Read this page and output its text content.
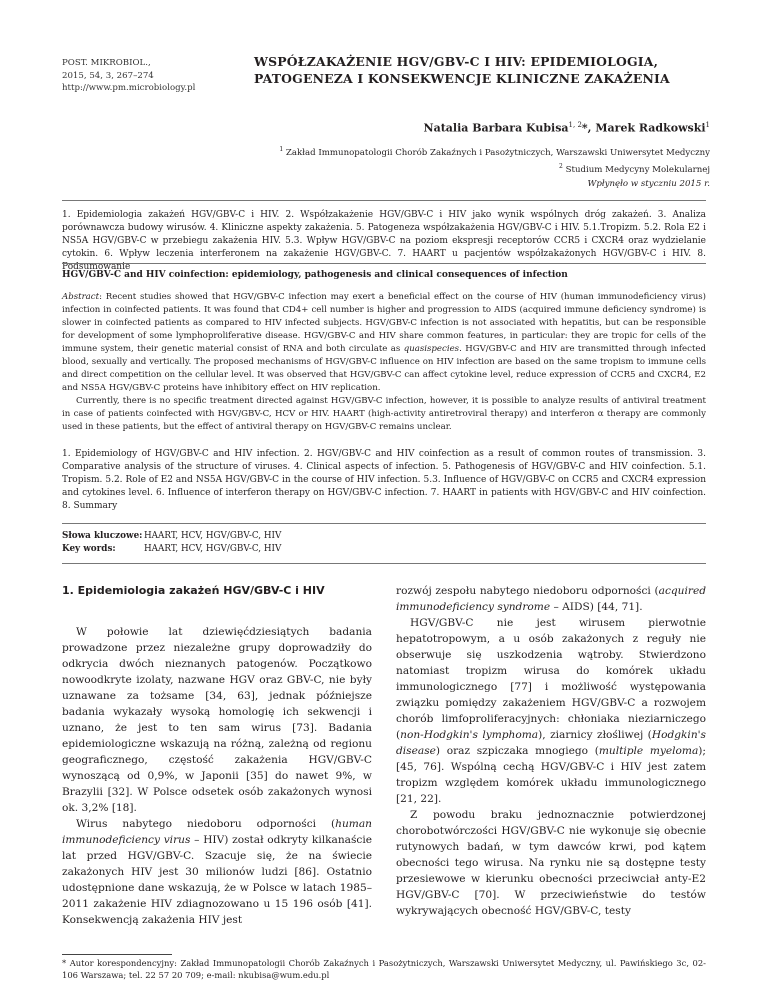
POST. MIKROBIOL.,
2015, 54, 3, 267–274
http://www.pm.microbiology.pl
WSPÓŁZAKAŻENIE HGV/GBV-C I HIV: EPIDEMIOLOGIA,
PATOGENEZA I KONSEKWENCJE KLINICZNE ZAKAŻENIA
Natalia Barbara Kubisa$^{1, 2}$*, Marek Radkowski$^1$
$^1$ Zakład Immunopatologii Chorób Zakaźnych i Pasożytniczych, Warszawski Uniwersytet Medyczny
$^2$ Studium Medycyny Molekularnej
Wpłynęło w styczniu 2015 r.
1. Epidemiologia zakażeń HGV/GBV-C i HIV. 2. Współzakażenie HGV/GBV-C i HIV jako wynik wspólnych dróg zakażeń. 3. Analiza porównawcza budowy wirusów. 4. Kliniczne aspekty zakażenia. 5. Patogeneza współzakażenia HGV/GBV-C i HIV. 5.1.Tropizm. 5.2. Rola E2 i NS5A HGV/GBV-C w przebiegu zakażenia HIV. 5.3. Wpływ HGV/GBV-C na poziom ekspresji receptorów CCR5 i CXCR4 oraz wydzielanie cytokin. 6. Wpływ leczenia interferonem na zakażenie HGV/GBV-C. 7. HAART u pacjentów współzakażonych HGV/GBV-C i HIV. 8. Podsumowanie
HGV/GBV-C and HIV coinfection: epidemiology, pathogenesis and clinical consequences of infection

Abstract: Recent studies showed that HGV/GBV-C infection may exert a beneficial effect on the course of HIV (human immunodeficiency virus) infection in coinfected patients. It was found that CD4+ cell number is higher and progression to AIDS (acquired immune deficiency syndrome) is slower in coinfected patients as compared to HIV infected subjects. HGV/GBV-C infection is not associated with hepatitis, but can be responsible for development of some lymphoproliferative disease. HGV/GBV-C and HIV share common features, in particular: they are tropic for cells of the immune system, their genetic material consist of RNA and both circulate as quasispecies. HGV/GBV-C and HIV are transmitted through infected blood, sexually and vertically. The proposed mechanisms of HGV/GBV-C influence on HIV infection are based on the same tropism to immune cells and direct competition on the cellular level. It was observed that HGV/GBV-C can affect cytokine level, reduce expression of CCR5 and CXCR4, E2 and NS5A HGV/GBV-C proteins have inhibitory effect on HIV replication.

Currently, there is no specific treatment directed against HGV/GBV-C infection, however, it is possible to analyze results of antiviral treatment in case of patients coinfected with HGV/GBV-C, HCV or HIV. HAART (high-activity antiretroviral therapy) and interferon α therapy are commonly used in these patients, but the effect of antiviral therapy on HGV/GBV-C remains unclear.

1. Epidemiology of HGV/GBV-C and HIV infection. 2. HGV/GBV-C and HIV coinfection as a result of common routes of transmission. 3. Comparative analysis of the structure of viruses. 4. Clinical aspects of infection. 5. Pathogenesis of HGV/GBV-C and HIV coinfection. 5.1. Tropism. 5.2. Role of E2 and NS5A HGV/GBV-C in the course of HIV infection. 5.3. Influence of HGV/GBV-C on CCR5 and CXCR4 expression and cytokines level. 6. Influence of interferon therapy on HGV/GBV-C infection. 7. HAART in patients with HGV/GBV-C and HIV coinfection. 8. Summary
Słowa kluczowe: HAART, HCV, HGV/GBV-C, HIV
Key words:	HAART, HCV, HGV/GBV-C, HIV
1. Epidemiologia zakażeń HGV/GBV-C i HIV

W połowie lat dziewięćdziesiątych badania prowadzone przez niezależne grupy doprowadziły do odkrycia dwóch nieznanych patogenów. Początkowo nowoodkryte izolaty, nazwane HGV oraz GBV-C, nie były uznawane za tożsame [34, 63], jednak późniejsze badania wykazały wysoką homologię ich sekwencji i uznano, że jest to ten sam wirus [73]. Badania epidemiologiczne wskazują na różną, zależną od regionu geograficznego, częstość zakażenia HGV/GBV-C wynoszącą od 0,9%, w Japonii [35] do nawet 9%, w Brazylii [32]. W Polsce odsetek osób zakażonych wynosi ok. 3,2% [18].

Wirus nabytego niedoboru odporności (human immunodeficiency virus – HIV) został odkryty kilkanaście lat przed HGV/GBV-C. Szacuje się, że na świecie zakażonych HIV jest 30 milionów ludzi [86]. Ostatnio udostępnione dane wskazują, że w Polsce w latach 1985–2011 zakażenie HIV zdiagnozowano u 15 196 osób [41]. Konsekwencją zakażenia HIV jest

rozwój zespołu nabytego niedoboru odporności (acquired immunodeficiency syndrome – AIDS) [44, 71].

HGV/GBV-C nie jest wirusem pierwotnie hepatotropowym, a u osób zakażonych z reguły nie obserwuje się uszkodzenia wątroby. Stwierdzono natomiast tropizm wirusa do komórek układu immunologicznego [77] i możliwość występowania związku pomiędzy zakażeniem HGV/GBV-C a rozwojem chorób limfoproliferacyjnych: chłoniaka nieziarniczego (non-Hodgkin's lymphoma), ziarnicy złośliwej (Hodgkin's disease) oraz szpiczaka mnogiego (multiple myeloma); [45, 76]. Wspólną cechą HGV/GBV-C i HIV jest zatem tropizm względem komórek układu immunologicznego [21, 22].

Z powodu braku jednoznacznie potwierdzonej chorobotwórczości HGV/GBV-C nie wykonuje się obecnie rutynowych badań, w tym dawców krwi, pod kątem obecności tego wirusa. Na rynku nie są dostępne testy przesiewowe w kierunku obecności przeciwciał anty-E2 HGV/GBV-C [70]. W przeciwieństwie do testów wykrywających obecność HGV/GBV-C, testy

* Autor korespondencyjny: Zakład Immunopatologii Chorób Zakaźnych i Pasożytniczych, Warszawski Uniwersytet Medyczny, ul. Pawińskiego 3c, 02-106 Warszawa; tel. 22 57 20 709; e-mail: nkubisa@wum.edu.pl
